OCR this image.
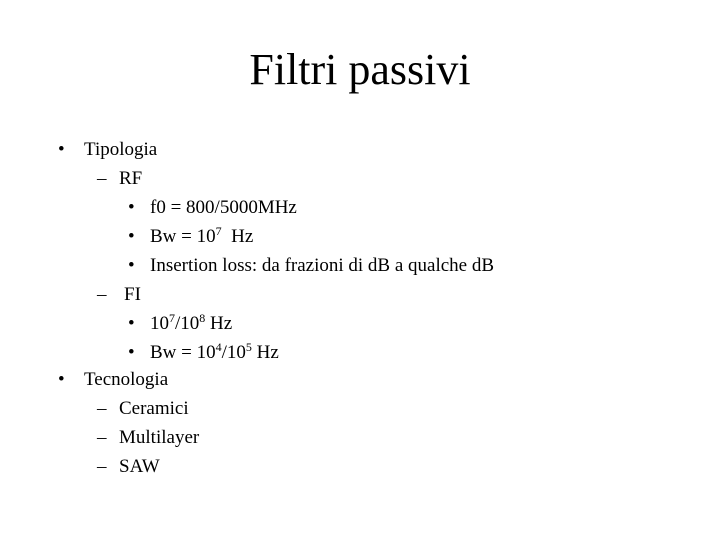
Filtri passivi
• Tipologia
– RF
• f0 = 800/5000MHz
• $Bw = 10^7$ Hz
• Insertion loss: da frazioni di dB a qualche dB
– FI
• $10^7/10^8$ Hz
• $Bw = 10^4/10^5$ Hz
• Tecnologia
– Ceramici
– Multilayer
– SAW
